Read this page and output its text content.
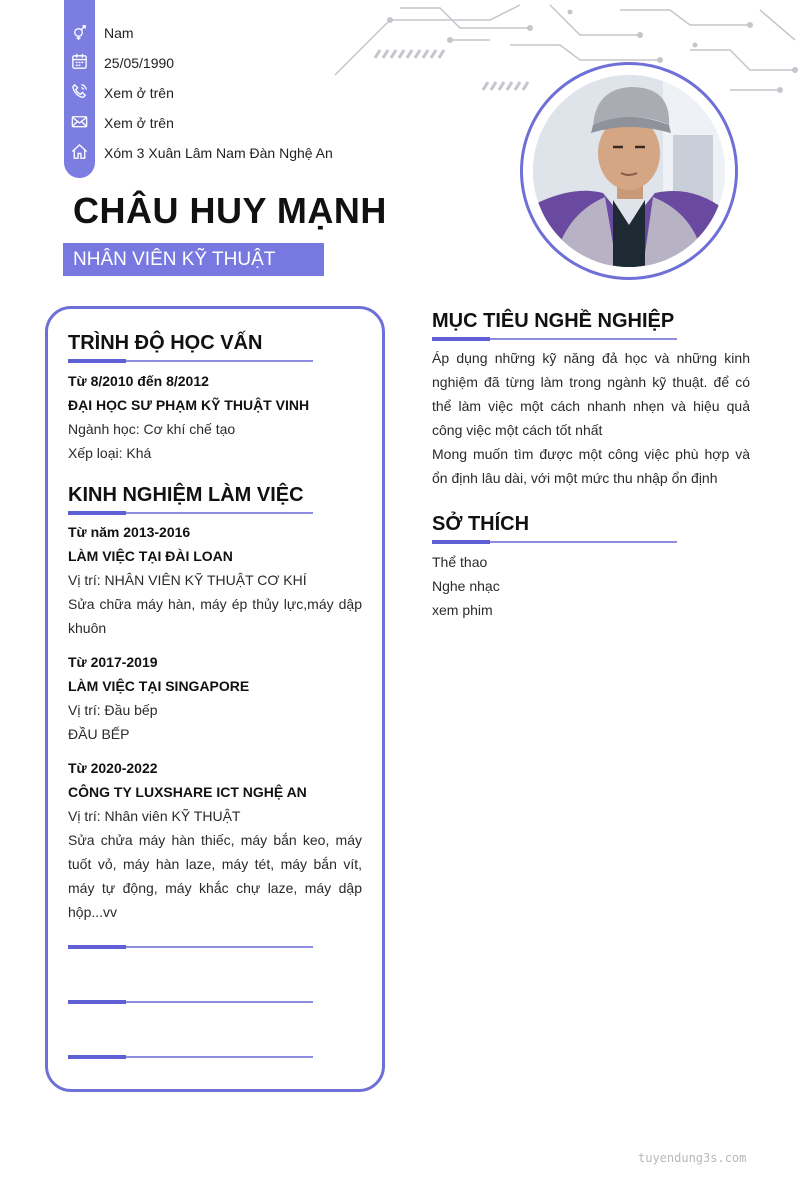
Nam
25/05/1990
Xem ở trên
Xem ở trên
Xóm 3 Xuân Lâm Nam Đàn Nghệ An
CHÂU HUY MẠNH
NHÂN VIÊN KỸ THUẬT
TRÌNH ĐỘ HỌC VẤN
Từ 8/2010 đến 8/2012
ĐẠI HỌC SƯ PHẠM KỸ THUẬT VINH
Ngành học: Cơ khí chế tạo
Xếp loại: Khá
KINH NGHIỆM LÀM VIỆC
Từ năm 2013-2016
LÀM VIỆC TẠI ĐÀI LOAN
Vị trí: NHÂN VIÊN KỸ THUẬT CƠ KHÍ
Sửa chữa máy hàn, máy ép thủy lực,máy dập khuôn
Từ 2017-2019
LÀM VIỆC TẠI SINGAPORE
Vị trí: Đầu bếp
ĐẦU BẾP
Từ 2020-2022
CÔNG TY LUXSHARE ICT NGHỆ AN
Vị trí: Nhân viên KỸ THUẬT
Sửa chửa máy hàn thiếc, máy bắn keo, máy tuốt vỏ, máy hàn laze, máy tét, máy bắn vít, máy tự động, máy khắc chự laze, máy dập hộp...vv
MỤC TIÊU NGHỀ NGHIỆP
Áp dụng những kỹ năng đả học và những kinh nghiệm đã từng làm trong ngành kỹ thuật. để có thể làm việc một cách nhanh nhẹn và hiệu quả công việc một cách tốt nhất
Mong muốn tìm được một công việc phù hợp và ổn định lâu dài, với một mức thu nhập ổn định
SỞ THÍCH
Thể thao
Nghe nhạc
xem phim
tuyendung3s.com
